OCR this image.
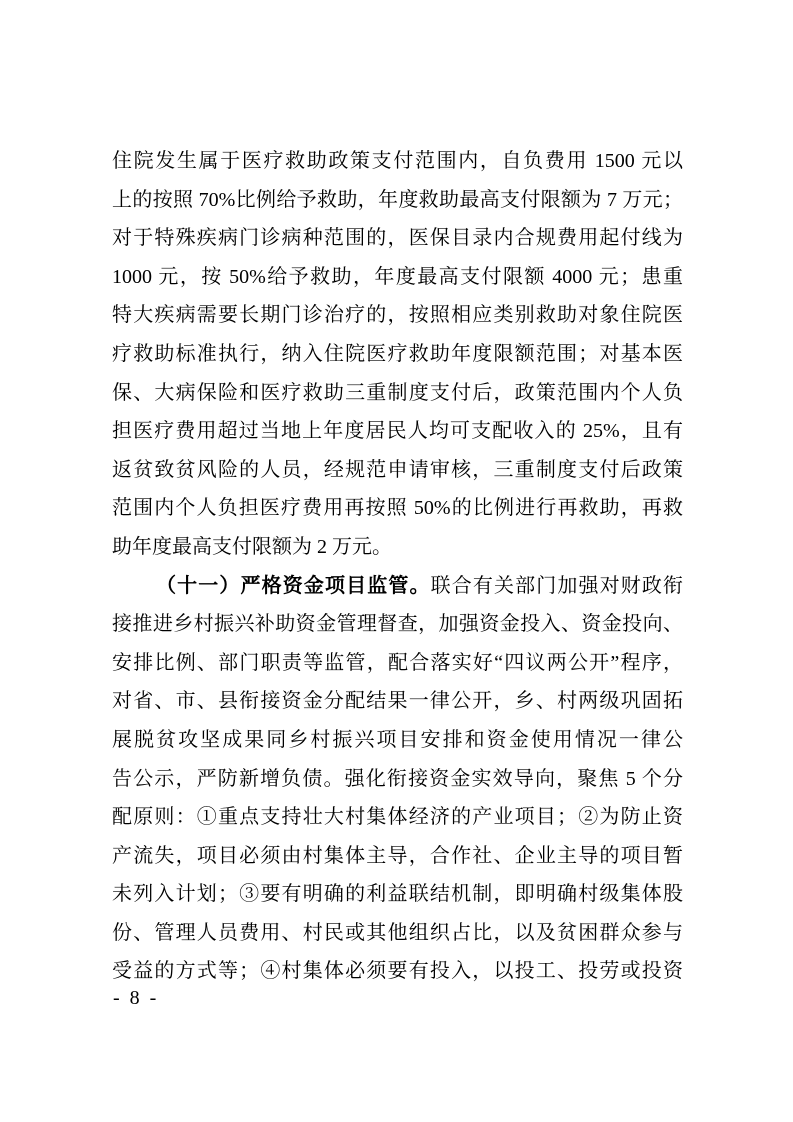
住院发生属于医疗救助政策支付范围内，自负费用 1500 元以
上的按照 70%比例给予救助，年度救助最高支付限额为 7 万元；
对于特殊疾病门诊病种范围的，医保目录内合规费用起付线为
1000 元，按 50%给予救助，年度最高支付限额 4000 元；患重
特大疾病需要长期门诊治疗的，按照相应类别救助对象住院医
疗救助标准执行，纳入住院医疗救助年度限额范围；对基本医
保、大病保险和医疗救助三重制度支付后，政策范围内个人负
担医疗费用超过当地上年度居民人均可支配收入的 25%，且有
返贫致贫风险的人员，经规范申请审核，三重制度支付后政策
范围内个人负担医疗费用再按照 50%的比例进行再救助，再救
助年度最高支付限额为 2 万元。
（十一）严格资金项目监管。联合有关部门加强对财政衔
接推进乡村振兴补助资金管理督查，加强资金投入、资金投向、
安排比例、部门职责等监管，配合落实好“四议两公开”程序，
对省、市、县衔接资金分配结果一律公开，乡、村两级巩固拓
展脱贫攻坚成果同乡村振兴项目安排和资金使用情况一律公
告公示，严防新增负债。强化衔接资金实效导向，聚焦 5 个分
配原则：①重点支持壮大村集体经济的产业项目；②为防止资
产流失，项目必须由村集体主导，合作社、企业主导的项目暂
未列入计划；③要有明确的利益联结机制，即明确村级集体股
份、管理人员费用、村民或其他组织占比，以及贫困群众参与
受益的方式等；④村集体必须要有投入，以投工、投劳或投资
- 8 -
